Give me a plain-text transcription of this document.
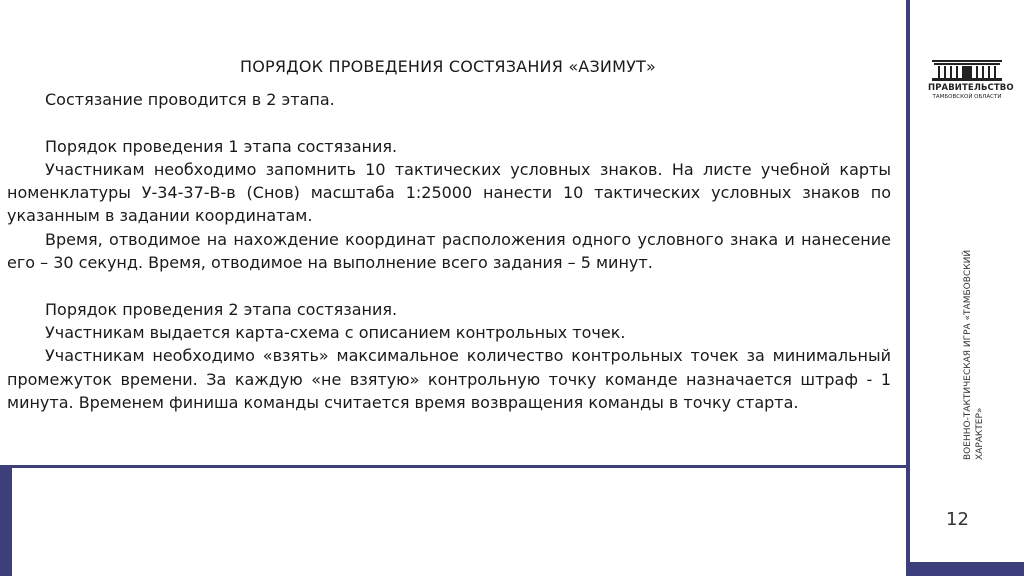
ПОРЯДОК ПРОВЕДЕНИЯ СОСТЯЗАНИЯ «АЗИМУТ»

Состязание проводится в 2 этапа.

Порядок проведения 1 этапа состязания.

Участникам необходимо запомнить 10 тактических условных знаков. На листе учебной карты номенклатуры У-34-37-В-в (Снов) масштаба 1:25000 нанести 10 тактических условных знаков по указанным в задании координатам.

Время, отводимое на нахождение координат расположения одного условного знака и нанесение его – 30 секунд. Время, отводимое на выполнение всего задания – 5 минут.

Порядок проведения 2 этапа состязания.

Участникам выдается карта-схема с описанием контрольных точек.

Участникам необходимо «взять» максимальное количество контрольных точек за минимальный промежуток времени. За каждую «не взятую» контрольную точку команде назначается штраф - 1 минута. Временем финиша команды считается время возвращения команды в точку старта.

ПРАВИТЕЛЬСТВО
ТАМБОВСКОЙ ОБЛАСТИ
ВОЕННО-ТАКТИЧЕСКАЯ ИГРА «ТАМБОВСКИЙ ХАРАКТЕР»
12
